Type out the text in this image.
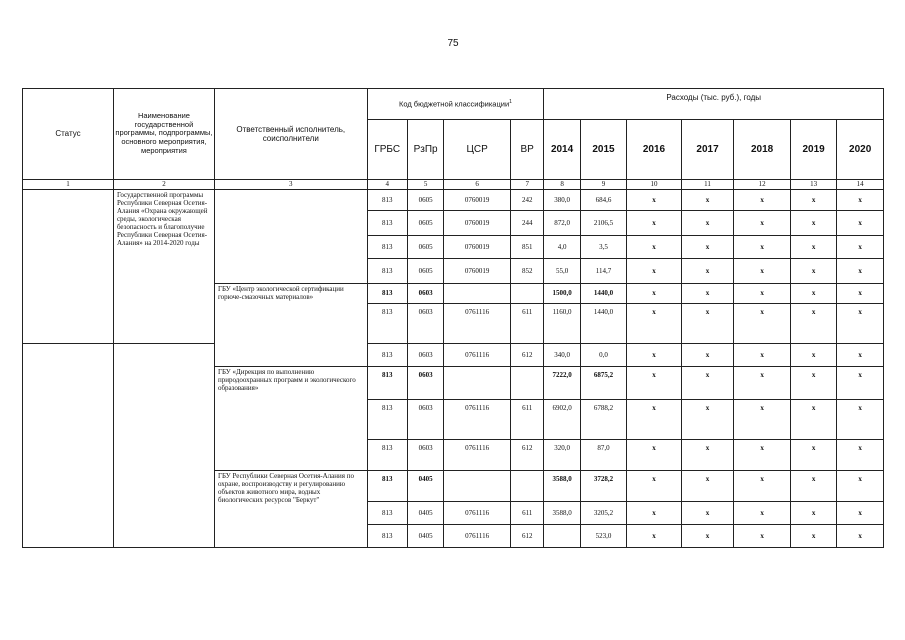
75
Статус	Наименование государственной программы, подпрограммы, основного мероприятия, мероприятия	Ответственный исполнитель, соисполнители	Код бюджетной классификации$^1$				Расходы (тыс. руб.), годы						
			ГРБС	РзПр	ЦСР	ВР	2014	2015	2016	2017	2018	2019	2020
1	2	3	4	5	6	7	8	9	10	11	12	13	14
	Государственной программы Республики Северная Осетия-Алания «Охрана окружающей среды, экологическая безопасность и благополучие Республики Северная Осетия-Алания» на 2014-2020 годы		813	0605	0760019	242	380,0	684,6	х	х	х	х	х
			813	0605	0760019	244	872,0	2106,5	х	х	х	х	х
			813	0605	0760019	851	4,0	3,5	х	х	х	х	х
			813	0605	0760019	852	55,0	114,7	х	х	х	х	х
		ГБУ «Центр экологической сертификации горюче-смазочных материалов»	813	0603			1500,0	1440,0	х	х	х	х	х
			813	0603	0761116	611	1160,0	1440,0	х	х	х	х	х
			813	0603	0761116	612	340,0	0,0	х	х	х	х	х
		ГБУ «Дирекция по выполнению природоохранных программ и экологического образования»	813	0603			7222,0	6875,2	х	х	х	х	х
			813	0603	0761116	611	6902,0	6788,2	х	х	х	х	х
			813	0603	0761116	612	320,0	87,0	х	х	х	х	х
		ГБУ Республики Северная Осетия-Алания по охране, воспроизводству и регулированию объектов животного мира, водных биологических ресурсов "Беркут"	813	0405			3588,0	3728,2	х	х	х	х	х
			813	0405	0761116	611	3588,0	3205,2	х	х	х	х	х
			813	0405	0761116	612		523,0	х	х	х	х	х
